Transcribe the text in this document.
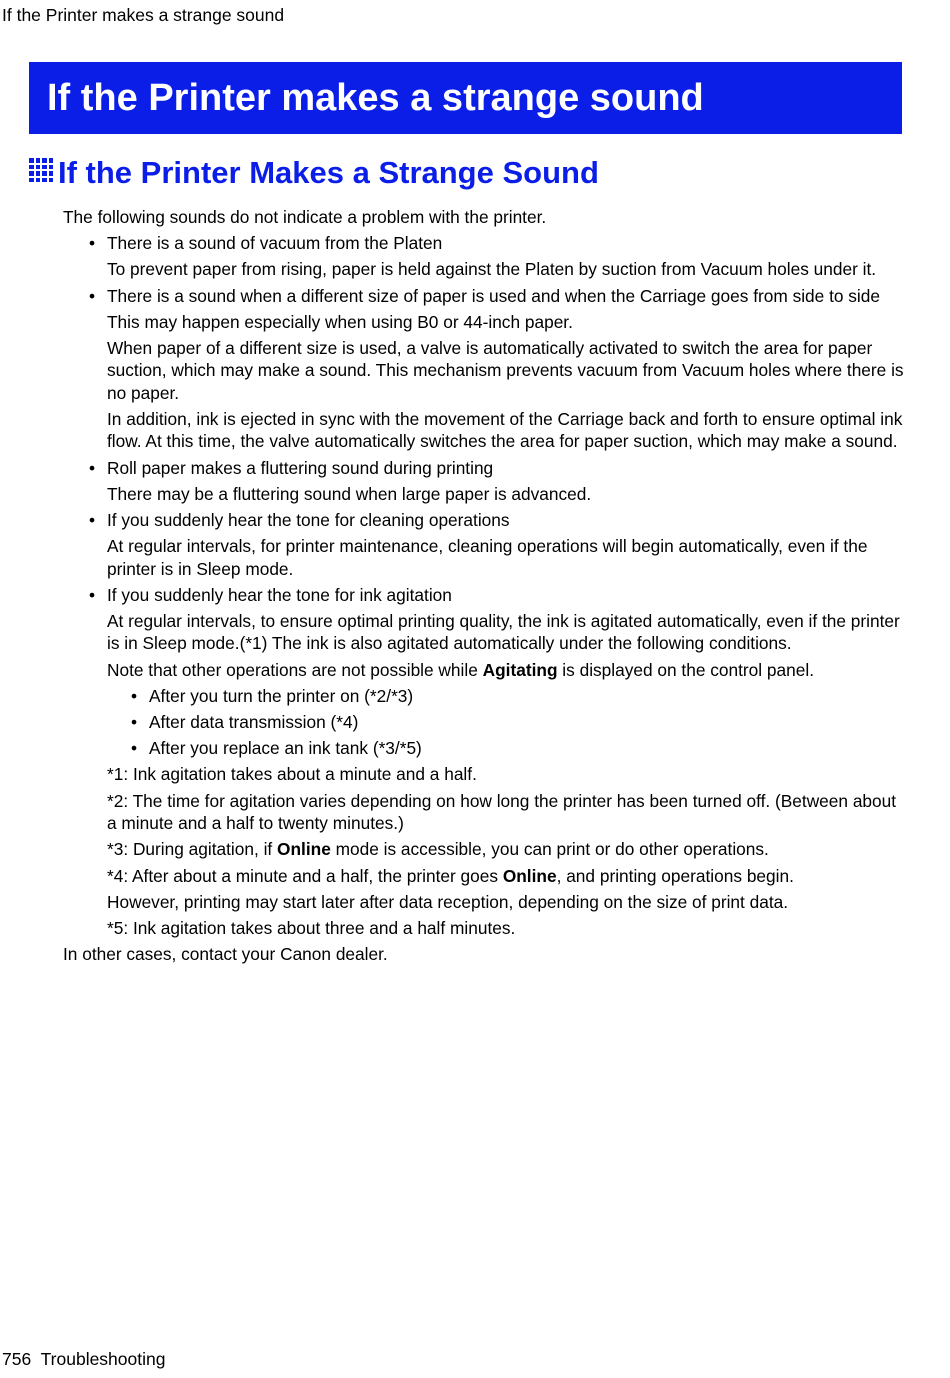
If the Printer makes a strange sound
If the Printer makes a strange sound
If the Printer Makes a Strange Sound

The following sounds do not indicate a problem with the printer.

• There is a sound of vacuum from the Platen

To prevent paper from rising, paper is held against the Platen by suction from Vacuum holes under it.

• There is a sound when a different size of paper is used and when the Carriage goes from side to side

This may happen especially when using B0 or 44-inch paper.

When paper of a different size is used, a valve is automatically activated to switch the area for paper suction, which may make a sound. This mechanism prevents vacuum from Vacuum holes where there is no paper.

In addition, ink is ejected in sync with the movement of the Carriage back and forth to ensure optimal ink flow. At this time, the valve automatically switches the area for paper suction, which may make a sound.

• Roll paper makes a fluttering sound during printing

There may be a fluttering sound when large paper is advanced.

• If you suddenly hear the tone for cleaning operations

At regular intervals, for printer maintenance, cleaning operations will begin automatically, even if the printer is in Sleep mode.

• If you suddenly hear the tone for ink agitation

At regular intervals, to ensure optimal printing quality, the ink is agitated automatically, even if the printer is in Sleep mode.(*1) The ink is also agitated automatically under the following conditions.

Note that other operations are not possible while Agitating is displayed on the control panel.

• After you turn the printer on (*2/*3)

• After data transmission (*4)

• After you replace an ink tank (*3/*5)

*1: Ink agitation takes about a minute and a half.

*2: The time for agitation varies depending on how long the printer has been turned off. (Between about a minute and a half to twenty minutes.)

*3: During agitation, if Online mode is accessible, you can print or do other operations.

*4: After about a minute and a half, the printer goes Online, and printing operations begin.

However, printing may start later after data reception, depending on the size of print data.

*5: Ink agitation takes about three and a half minutes.

In other cases, contact your Canon dealer.

756 Troubleshooting
